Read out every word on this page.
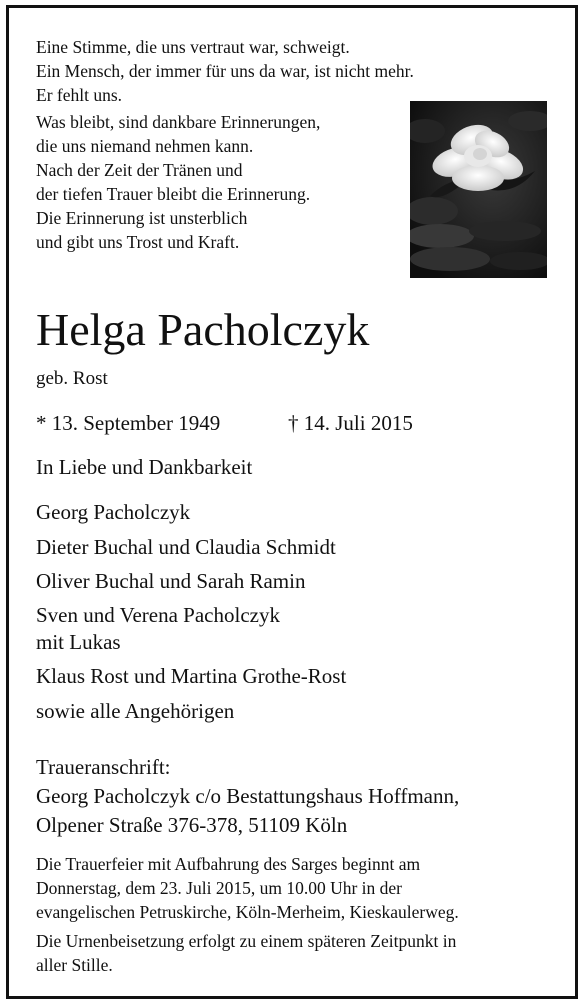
Eine Stimme, die uns vertraut war, schweigt.
Ein Mensch, der immer für uns da war, ist nicht mehr.
Er fehlt uns.
Was bleibt, sind dankbare Erinnerungen,
die uns niemand nehmen kann.
Nach der Zeit der Tränen und
der tiefen Trauer bleibt die Erinnerung.
Die Erinnerung ist unsterblich
und gibt uns Trost und Kraft.
Helga Pacholczyk
geb. Rost
* 13. September 1949	† 14. Juli 2015
In Liebe und Dankbarkeit
Georg Pacholczyk
Dieter Buchal und Claudia Schmidt
Oliver Buchal und Sarah Ramin
Sven und Verena Pacholczyk
mit Lukas
Klaus Rost und Martina Grothe-Rost
sowie alle Angehörigen
Traueranschrift:
Georg Pacholczyk c/o Bestattungshaus Hoffmann,
Olpener Straße 376-378, 51109 Köln
Die Trauerfeier mit Aufbahrung des Sarges beginnt am
Donnerstag, dem 23. Juli 2015, um 10.00 Uhr in der
evangelischen Petruskirche, Köln-Merheim, Kieskaulerweg.
Die Urnenbeisetzung erfolgt zu einem späteren Zeitpunkt in
aller Stille.
